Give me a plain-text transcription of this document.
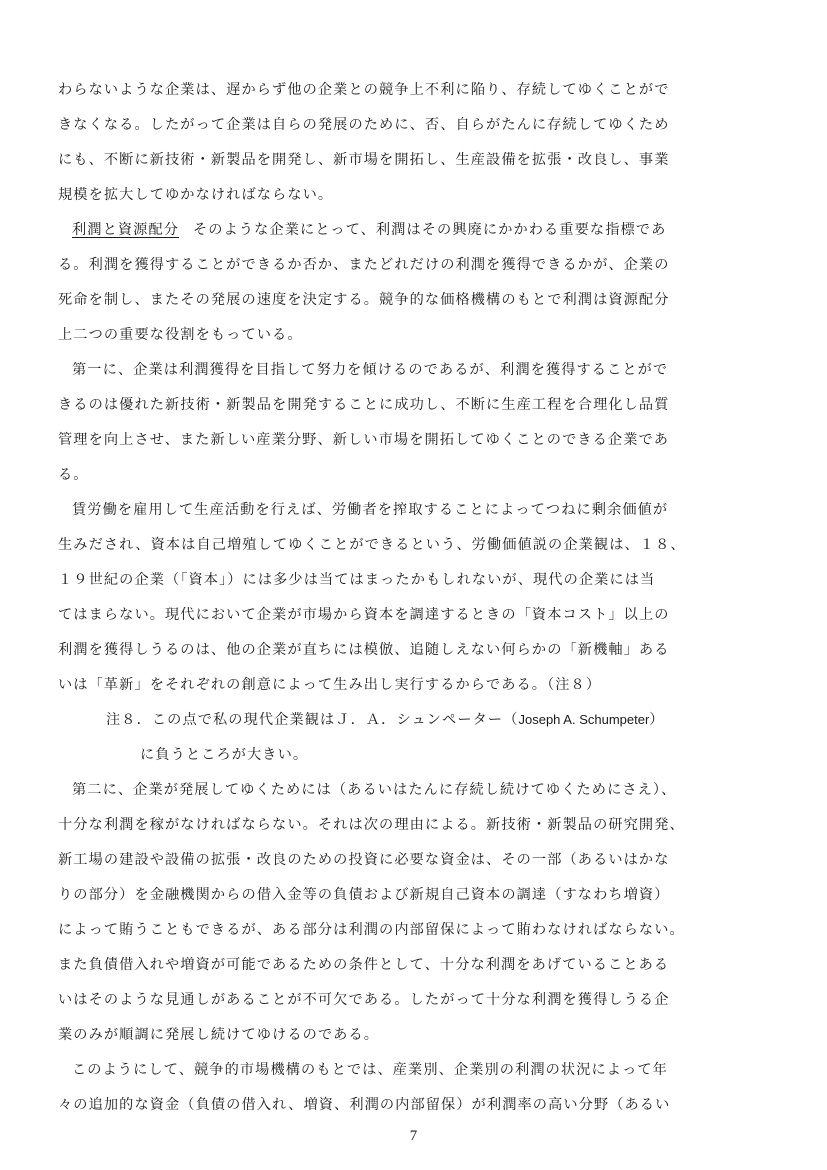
わらないような企業は、遅からず他の企業との競争上不利に陥り、存続してゆくことがで
きなくなる。したがって企業は自らの発展のために、否、自らがたんに存続してゆくため
にも、不断に新技術・新製品を開発し、新市場を開拓し、生産設備を拡張・改良し、事業
規模を拡大してゆかなければならない。
利潤と資源配分 そのような企業にとって、利潤はその興廃にかかわる重要な指標であ
る。利潤を獲得することができるか否か、またどれだけの利潤を獲得できるかが、企業の
死命を制し、またその発展の速度を決定する。競争的な価格機構のもとで利潤は資源配分
上二つの重要な役割をもっている。
第一に、企業は利潤獲得を目指して努力を傾けるのであるが、利潤を獲得することがで
きるのは優れた新技術・新製品を開発することに成功し、不断に生産工程を合理化し品質
管理を向上させ、また新しい産業分野、新しい市場を開拓してゆくことのできる企業であ
る。
賃労働を雇用して生産活動を行えば、労働者を搾取することによってつねに剰余価値が
生みだされ、資本は自己増殖してゆくことができるという、労働価値説の企業観は、１８、
１９世紀の企業（「資本」）には多少は当てはまったかもしれないが、現代の企業には当
てはまらない。現代において企業が市場から資本を調達するときの「資本コスト」以上の
利潤を獲得しうるのは、他の企業が直ちには模倣、追随しえない何らかの「新機軸」ある
いは「革新」をそれぞれの創意によって生み出し実行するからである。（注８）
注８．この点で私の現代企業観はＪ．Ａ．シュンペーター（Joseph A. Schumpeter）
に負うところが大きい。
第二に、企業が発展してゆくためには（あるいはたんに存続し続けてゆくためにさえ）、
十分な利潤を稼がなければならない。それは次の理由による。新技術・新製品の研究開発、
新工場の建設や設備の拡張・改良のための投資に必要な資金は、その一部（あるいはかな
りの部分）を金融機関からの借入金等の負債および新規自己資本の調達（すなわち増資）
によって賄うこともできるが、ある部分は利潤の内部留保によって賄わなければならない。
また負債借入れや増資が可能であるための条件として、十分な利潤をあげていることある
いはそのような見通しがあることが不可欠である。したがって十分な利潤を獲得しうる企
業のみが順調に発展し続けてゆけるのである。
このようにして、競争的市場機構のもとでは、産業別、企業別の利潤の状況によって年
々の追加的な資金（負債の借入れ、増資、利潤の内部留保）が利潤率の高い分野（あるい
7
